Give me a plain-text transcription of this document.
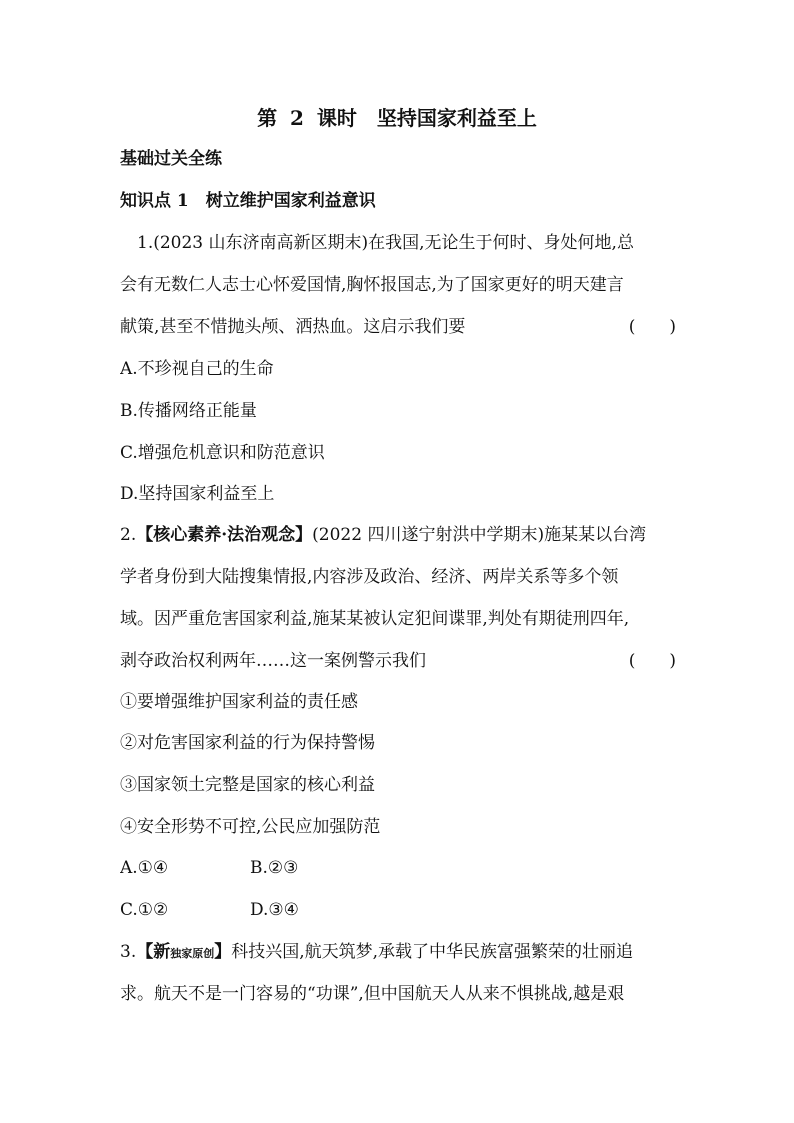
第 2 课时　坚持国家利益至上
基础过关全练
知识点 1　树立维护国家利益意识
1.(2023 山东济南高新区期末)在我国,无论生于何时、身处何地,总
会有无数仁人志士心怀爱国情,胸怀报国志,为了国家更好的明天建言
献策,甚至不惜抛头颅、洒热血。这启示我们要	(　　)
A.不珍视自己的生命
B.传播网络正能量
C.增强危机意识和防范意识
D.坚持国家利益至上
2.【核心素养·法治观念】(2022 四川遂宁射洪中学期末)施某某以台湾
学者身份到大陆搜集情报,内容涉及政治、经济、两岸关系等多个领
域。因严重危害国家利益,施某某被认定犯间谍罪,判处有期徒刑四年,
剥夺政治权利两年……这一案例警示我们	(　　)
①要增强维护国家利益的责任感
②对危害国家利益的行为保持警惕
③国家领土完整是国家的核心利益
④安全形势不可控,公民应加强防范
A.①④	B.②③
C.①②	D.③④
3.【新独家原创】科技兴国,航天筑梦,承载了中华民族富强繁荣的壮丽追
求。航天不是一门容易的“功课”,但中国航天人从来不惧挑战,越是艰
